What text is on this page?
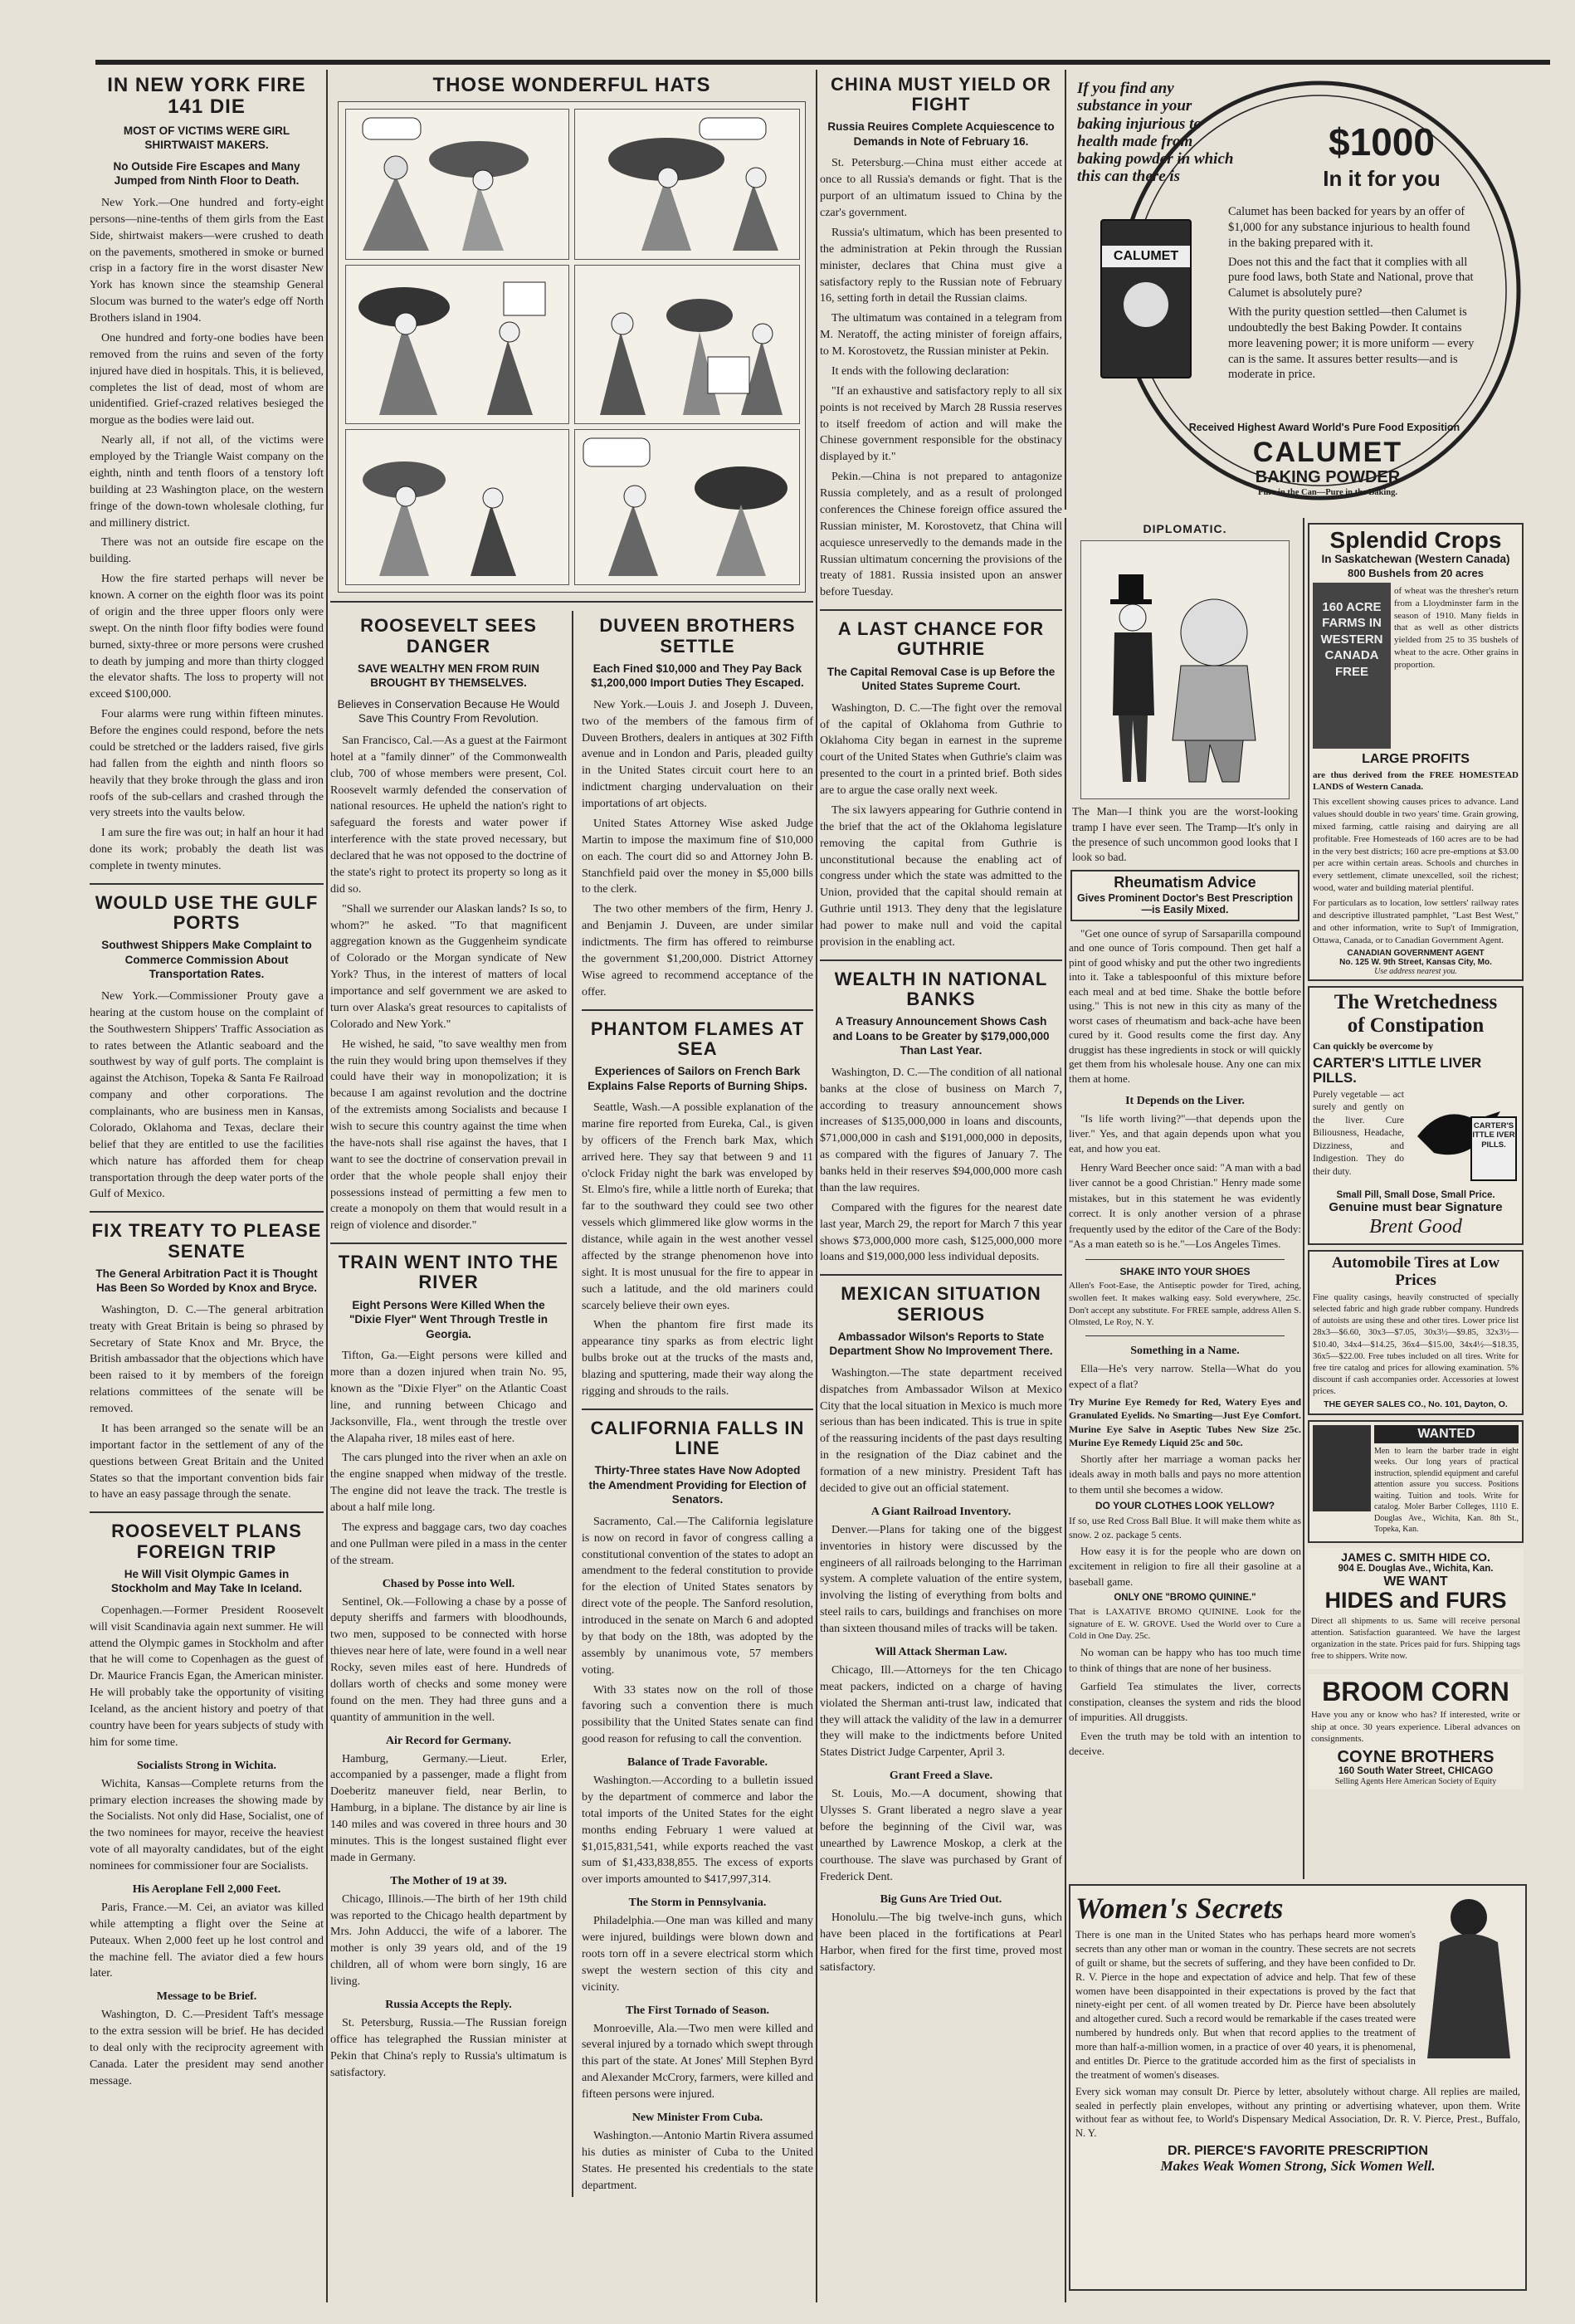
IN NEW YORK FIRE 141 DIE
MOST OF VICTIMS WERE GIRL SHIRTWAIST MAKERS.
No Outside Fire Escapes and Many Jumped from Ninth Floor to Death.

New York.—One hundred and forty-eight persons—nine-tenths of them girls from the East Side, shirtwaist makers—were crushed to death on the pavements, smothered in smoke or burned crisp in a factory fire in the worst disaster New York has known since the steamship General Slocum was burned to the water's edge off North Brothers island in 1904.

One hundred and forty-one bodies have been removed from the ruins and seven of the forty injured have died in hospitals. This, it is believed, completes the list of dead, most of whom are unidentified. Grief-crazed relatives besieged the morgue as the bodies were laid out.

Nearly all, if not all, of the victims were employed by the Triangle Waist company on the eighth, ninth and tenth floors of a tenstory loft building at 23 Washington place, on the western fringe of the down-town wholesale clothing, fur and millinery district.

There was not an outside fire escape on the building.

How the fire started perhaps will never be known. A corner on the eighth floor was its point of origin and the three upper floors only were swept. On the ninth floor fifty bodies were found burned, sixty-three or more persons were crushed to death by jumping and more than thirty clogged the elevator shafts. The loss to property will not exceed $100,000.

Four alarms were rung within fifteen minutes. Before the engines could respond, before the nets could be stretched or the ladders raised, five girls had fallen from the eighth and ninth floors so heavily that they broke through the glass and iron roofs of the sub-cellars and crashed through the very streets into the vaults below.

I am sure the fire was out; in half an hour it had done its work; probably the death list was complete in twenty minutes.

WOULD USE THE GULF PORTS
Southwest Shippers Make Complaint to Commerce Commission About Transportation Rates.

New York.—Commissioner Prouty gave a hearing at the custom house on the complaint of the Southwestern Shippers' Traffic Association as to rates between the Atlantic seaboard and the southwest by way of gulf ports. The complaint is against the Atchison, Topeka & Santa Fe Railroad company and other corporations. The complainants, who are business men in Kansas, Colorado, Oklahoma and Texas, declare their belief that they are entitled to use the facilities which nature has afforded them for cheap transportation through the deep water ports of the Gulf of Mexico.

FIX TREATY TO PLEASE SENATE
The General Arbitration Pact it is Thought Has Been So Worded by Knox and Bryce.

Washington, D. C.—The general arbitration treaty with Great Britain is being so phrased by Secretary of State Knox and Mr. Bryce, the British ambassador that the objections which have been raised to it by members of the foreign relations committees of the senate will be removed.

It has been arranged so the senate will be an important factor in the settlement of any of the questions between Great Britain and the United States so that the important convention bids fair to have an easy passage through the senate.

ROOSEVELT PLANS FOREIGN TRIP
He Will Visit Olympic Games in Stockholm and May Take In Iceland.

Copenhagen.—Former President Roosevelt will visit Scandinavia again next summer. He will attend the Olympic games in Stockholm and after that he will come to Copenhagen as the guest of Dr. Maurice Francis Egan, the American minister. He will probably take the opportunity of visiting Iceland, as the ancient history and poetry of that country have been for years subjects of study with him for some time.

Socialists Strong in Wichita.

Wichita, Kansas—Complete returns from the primary election increases the showing made by the Socialists. Not only did Hase, Socialist, one of the two nominees for mayor, receive the heaviest vote of all mayoralty candidates, but of the eight nominees for commissioner four are Socialists.

His Aeroplane Fell 2,000 Feet.

Paris, France.—M. Cei, an aviator was killed while attempting a flight over the Seine at Puteaux. When 2,000 feet up he lost control and the machine fell. The aviator died a few hours later.

Message to be Brief.

Washington, D. C.—President Taft's message to the extra session will be brief. He has decided to deal only with the reciprocity agreement with Canada. Later the president may send another message.

THOSE WONDERFUL HATS
ROOSEVELT SEES DANGER
SAVE WEALTHY MEN FROM RUIN BROUGHT BY THEMSELVES.
Believes in Conservation Because He Would Save This Country From Revolution.

San Francisco, Cal.—As a guest at the Fairmont hotel at a "family dinner" of the Commonwealth club, 700 of whose members were present, Col. Roosevelt warmly defended the conservation of national resources. He upheld the nation's right to safeguard the forests and water power if interference with the state proved necessary, but declared that he was not opposed to the doctrine of the state's right to protect its property so long as it did so.

"Shall we surrender our Alaskan lands? Is so, to whom?" he asked. "To that magnificent aggregation known as the Guggenheim syndicate of Colorado or the Morgan syndicate of New York? Thus, in the interest of matters of local importance and self government we are asked to turn over Alaska's great resources to capitalists of Colorado and New York."

He wished, he said, "to save wealthy men from the ruin they would bring upon themselves if they could have their way in monopolization; it is because I am against revolution and the doctrine of the extremists among Socialists and because I wish to secure this country against the time when the have-nots shall rise against the haves, that I want to see the doctrine of conservation prevail in order that the whole people shall enjoy their possessions instead of permitting a few men to create a monopoly on them that would result in a reign of violence and disorder."

TRAIN WENT INTO THE RIVER
Eight Persons Were Killed When the "Dixie Flyer" Went Through Trestle in Georgia.

Tifton, Ga.—Eight persons were killed and more than a dozen injured when train No. 95, known as the "Dixie Flyer" on the Atlantic Coast line, and running between Chicago and Jacksonville, Fla., went through the trestle over the Alapaha river, 18 miles east of here.

The cars plunged into the river when an axle on the engine snapped when midway of the trestle. The engine did not leave the track. The trestle is about a half mile long.

The express and baggage cars, two day coaches and one Pullman were piled in a mass in the center of the stream.

Chased by Posse into Well.

Sentinel, Ok.—Following a chase by a posse of deputy sheriffs and farmers with bloodhounds, two men, supposed to be connected with horse thieves near here of late, were found in a well near Rocky, seven miles east of here. Hundreds of dollars worth of checks and some money were found on the men. They had three guns and a quantity of ammunition in the well.

Air Record for Germany.

Hamburg, Germany.—Lieut. Erler, accompanied by a passenger, made a flight from Doeberitz maneuver field, near Berlin, to Hamburg, in a biplane. The distance by air line is 140 miles and was covered in three hours and 30 minutes. This is the longest sustained flight ever made in Germany.

The Mother of 19 at 39.

Chicago, Illinois.—The birth of her 19th child was reported to the Chicago health department by Mrs. John Adducci, the wife of a laborer. The mother is only 39 years old, and of the 19 children, all of whom were born singly, 16 are living.

Russia Accepts the Reply.

St. Petersburg, Russia.—The Russian foreign office has telegraphed the Russian minister at Pekin that China's reply to Russia's ultimatum is satisfactory.

DUVEEN BROTHERS SETTLE
Each Fined $10,000 and They Pay Back $1,200,000 Import Duties They Escaped.

New York.—Louis J. and Joseph J. Duveen, two of the members of the famous firm of Duveen Brothers, dealers in antiques at 302 Fifth avenue and in London and Paris, pleaded guilty in the United States circuit court here to an indictment charging undervaluation on their importations of art objects.

United States Attorney Wise asked Judge Martin to impose the maximum fine of $10,000 on each. The court did so and Attorney John B. Stanchfield paid over the money in $5,000 bills to the clerk.

The two other members of the firm, Henry J. and Benjamin J. Duveen, are under similar indictments. The firm has offered to reimburse the government $1,200,000. District Attorney Wise agreed to recommend acceptance of the offer.

PHANTOM FLAMES AT SEA
Experiences of Sailors on French Bark Explains False Reports of Burning Ships.

Seattle, Wash.—A possible explanation of the marine fire reported from Eureka, Cal., is given by officers of the French bark Max, which arrived here. They say that between 9 and 11 o'clock Friday night the bark was enveloped by St. Elmo's fire, while a little north of Eureka; that far to the southward they could see two other vessels which glimmered like glow worms in the distance, while again in the west another vessel affected by the strange phenomenon hove into sight. It is most unusual for the fire to appear in such a latitude, and the old mariners could scarcely believe their own eyes.

When the phantom fire first made its appearance tiny sparks as from electric light bulbs broke out at the trucks of the masts and, blazing and sputtering, made their way along the rigging and shrouds to the rails.

CALIFORNIA FALLS IN LINE
Thirty-Three states Have Now Adopted the Amendment Providing for Election of Senators.

Sacramento, Cal.—The California legislature is now on record in favor of congress calling a constitutional convention of the states to adopt an amendment to the federal constitution to provide for the election of United States senators by direct vote of the people. The Sanford resolution, introduced in the senate on March 6 and adopted by that body on the 18th, was adopted by the assembly by unanimous vote, 57 members voting.

With 33 states now on the roll of those favoring such a convention there is much possibility that the United States senate can find good reason for refusing to call the convention.

Balance of Trade Favorable.

Washington.—According to a bulletin issued by the department of commerce and labor the total imports of the United States for the eight months ending February 1 were valued at $1,015,831,541, while exports reached the vast sum of $1,433,838,855. The excess of exports over imports amounted to $417,997,314.

The Storm in Pennsylvania.

Philadelphia.—One man was killed and many were injured, buildings were blown down and roots torn off in a severe electrical storm which swept the western section of this city and vicinity.

The First Tornado of Season.

Monroeville, Ala.—Two men were killed and several injured by a tornado which swept through this part of the state. At Jones' Mill Stephen Byrd and Alexander McCrory, farmers, were killed and fifteen persons were injured.

New Minister From Cuba.

Washington.—Antonio Martin Rivera assumed his duties as minister of Cuba to the United States. He presented his credentials to the state department.

CHINA MUST YIELD OR FIGHT
Russia Reuires Complete Acquiescence to Demands in Note of February 16.

St. Petersburg.—China must either accede at once to all Russia's demands or fight. That is the purport of an ultimatum issued to China by the czar's government.

Russia's ultimatum, which has been presented to the administration at Pekin through the Russian minister, declares that China must give a satisfactory reply to the Russian note of February 16, setting forth in detail the Russian claims.

The ultimatum was contained in a telegram from M. Neratoff, the acting minister of foreign affairs, to M. Korostovetz, the Russian minister at Pekin.

It ends with the following declaration:

"If an exhaustive and satisfactory reply to all six points is not received by March 28 Russia reserves to itself freedom of action and will make the Chinese government responsible for the obstinacy displayed by it."

Pekin.—China is not prepared to antagonize Russia completely, and as a result of prolonged conferences the Chinese foreign office assured the Russian minister, M. Korostovetz, that China will acquiesce unreservedly to the demands made in the Russian ultimatum concerning the provisions of the treaty of 1881. Russia insisted upon an answer before Tuesday.

A LAST CHANCE FOR GUTHRIE
The Capital Removal Case is up Before the United States Supreme Court.

Washington, D. C.—The fight over the removal of the capital of Oklahoma from Guthrie to Oklahoma City began in earnest in the supreme court of the United States when Guthrie's claim was presented to the court in a printed brief. Both sides are to argue the case orally next week.

The six lawyers appearing for Guthrie contend in the brief that the act of the Oklahoma legislature removing the capital from Guthrie is unconstitutional because the enabling act of congress under which the state was admitted to the Union, provided that the capital should remain at Guthrie until 1913. They deny that the legislature had power to make null and void the capital provision in the enabling act.

WEALTH IN NATIONAL BANKS
A Treasury Announcement Shows Cash and Loans to be Greater by $179,000,000 Than Last Year.

Washington, D. C.—The condition of all national banks at the close of business on March 7, according to treasury announcement shows increases of $135,000,000 in loans and discounts, $71,000,000 in cash and $191,000,000 in deposits, as compared with the figures of January 7. The banks held in their reserves $94,000,000 more cash than the law requires.

Compared with the figures for the nearest date last year, March 29, the report for March 7 this year shows $73,000,000 more cash, $125,000,000 more loans and $19,000,000 less individual deposits.

MEXICAN SITUATION SERIOUS
Ambassador Wilson's Reports to State Department Show No Improvement There.

Washington.—The state department received dispatches from Ambassador Wilson at Mexico City that the local situation in Mexico is much more serious than has been indicated. This is true in spite of the reassuring incidents of the past days resulting in the resignation of the Diaz cabinet and the formation of a new ministry. President Taft has decided to give out an official statement.

A Giant Railroad Inventory.

Denver.—Plans for taking one of the biggest inventories in history were discussed by the engineers of all railroads belonging to the Harriman system. A complete valuation of the entire system, involving the listing of everything from bolts and steel rails to cars, buildings and franchises on more than sixteen thousand miles of tracks will be taken.

Will Attack Sherman Law.

Chicago, Ill.—Attorneys for the ten Chicago meat packers, indicted on a charge of having violated the Sherman anti-trust law, indicated that they will attack the validity of the law in a demurrer they will make to the indictments before United States District Judge Carpenter, April 3.

Grant Freed a Slave.

St. Louis, Mo.—A document, showing that Ulysses S. Grant liberated a negro slave a year before the beginning of the Civil war, was unearthed by Lawrence Moskop, a clerk at the courthouse. The slave was purchased by Grant of Frederick Dent.

Big Guns Are Tried Out.

Honolulu.—The big twelve-inch guns, which have been placed in the fortifications at Pearl Harbor, when fired for the first time, proved most satisfactory.

If you find any substance in your baking injurious to health made from baking powder in which this can there is
CALUMET
$1000
In it for you
Calumet has been backed for years by an offer of $1,000 for any substance injurious to health found in the baking prepared with it.
Does not this and the fact that it complies with all pure food laws, both State and National, prove that Calumet is absolutely pure?
With the purity question settled—then Calumet is undoubtedly the best Baking Powder. It contains more leavening power; it is more uniform — every can is the same. It assures better results—and is moderate in price.
Received Highest Award World's Pure Food Exposition
CALUMET
BAKING POWDER
Pure in the Can—Pure in the Baking.
DIPLOMATIC.
The Man—I think you are the worst-looking tramp I have ever seen. The Tramp—It's only in the presence of such uncommon good looks that I look so bad.
Rheumatism Advice
Gives Prominent Doctor's Best Prescription—is Easily Mixed.

"Get one ounce of syrup of Sarsaparilla compound and one ounce of Toris compound. Then get half a pint of good whisky and put the other two ingredients into it. Take a tablespoonful of this mixture before each meal and at bed time. Shake the bottle before using." This is not new in this city as many of the worst cases of rheumatism and back-ache have been cured by it. Good results come the first day. Any druggist has these ingredients in stock or will quickly get them from his wholesale house. Any one can mix them at home.

It Depends on the Liver.

"Is life worth living?"—that depends upon the liver." Yes, and that again depends upon what you eat, and how you eat.

Henry Ward Beecher once said: "A man with a bad liver cannot be a good Christian." Henry made some mistakes, but in this statement he was evidently correct. It is only another version of a phrase frequently used by the editor of the Care of the Body: "As a man eateth so is he."—Los Angeles Times.

SHAKE INTO YOUR SHOES
Allen's Foot-Ease, the Antiseptic powder for Tired, aching, swollen feet. It makes walking easy. Sold everywhere, 25c. Don't accept any substitute. For FREE sample, address Allen S. Olmsted, Le Roy, N. Y.
Something in a Name.

Ella—He's very narrow. Stella—What do you expect of a flat?

Try Murine Eye Remedy for Red, Watery Eyes and Granulated Eyelids. No Smarting—Just Eye Comfort. Murine Eye Salve in Aseptic Tubes New Size 25c. Murine Eye Remedy Liquid 25c and 50c.

Shortly after her marriage a woman packs her ideals away in moth balls and pays no more attention to them until she becomes a widow.

DO YOUR CLOTHES LOOK YELLOW?
If so, use Red Cross Ball Blue. It will make them white as snow. 2 oz. package 5 cents.

How easy it is for the people who are down on excitement in religion to fire all their gasoline at a baseball game.

ONLY ONE "BROMO QUININE."
That is LAXATIVE BROMO QUININE. Look for the signature of E. W. GROVE. Used the World over to Cure a Cold in One Day. 25c.

No woman can be happy who has too much time to think of things that are none of her business.

Garfield Tea stimulates the liver, corrects constipation, cleanses the system and rids the blood of impurities. All druggists.

Even the truth may be told with an intention to deceive.

Splendid Crops
In Saskatchewan (Western Canada)
800 Bushels from 20 acres
160 ACRE FARMS IN WESTERN CANADA FREE
of wheat was the thresher's return from a Lloydminster farm in the season of 1910. Many fields in that as well as other districts yielded from 25 to 35 bushels of wheat to the acre. Other grains in proportion.
LARGE PROFITS
are thus derived from the FREE HOMESTEAD LANDS of Western Canada.
This excellent showing causes prices to advance. Land values should double in two years' time. Grain growing, mixed farming, cattle raising and dairying are all profitable. Free Homesteads of 160 acres are to be had in the very best districts; 160 acre pre-emptions at $3.00 per acre within certain areas. Schools and churches in every settlement, climate unexcelled, soil the richest; wood, water and building material plentiful.
For particulars as to location, low settlers' railway rates and descriptive illustrated pamphlet, "Last Best West," and other information, write to Sup't of Immigration, Ottawa, Canada, or to Canadian Government Agent.
CANADIAN GOVERNMENT AGENT
No. 125 W. 9th Street, Kansas City, Mo.
Use address nearest you.
The Wretchedness
of Constipation
Can quickly be overcome by
CARTER'S LITTLE LIVER PILLS.
Purely vegetable — act surely and gently on the liver. Cure Biliousness, Headache, Dizziness, and Indigestion. They do their duty.
CARTER'S ITTLE IVER PILLS.
Small Pill, Small Dose, Small Price.
Genuine must bear Signature
Brent Good
Automobile Tires at Low Prices
Fine quality casings, heavily constructed of specially selected fabric and high grade rubber company. Hundreds of autoists are using these and other tires. Lower price list 28x3—$6.60, 30x3—$7.05, 30x3½—$9.85, 32x3½—$10.40, 34x4—$14.25, 36x4—$15.00, 34x4½—$18.35, 36x5—$22.00. Free tubes included on all tires. Write for free tire catalog and prices for allowing examination. 5% discount if cash accompanies order. Accessories at lowest prices.
THE GEYER SALES CO., No. 101, Dayton, O.
WANTED
Men to learn the barber trade in eight weeks. Our long years of practical instruction, splendid equipment and careful attention assure you success. Positions waiting. Tuition and tools. Write for catalog. Moler Barber Colleges, 1110 E. Douglas Ave., Wichita, Kan. 8th St., Topeka, Kan.
JAMES C. SMITH HIDE CO.
904 E. Douglas Ave., Wichita, Kan.
WE WANT
HIDES and FURS
Direct all shipments to us. Same will receive personal attention. Satisfaction guaranteed. We have the largest organization in the state. Prices paid for furs. Shipping tags free to shippers. Write now.
BROOM CORN
Have you any or know who has? If interested, write or ship at once. 30 years experience. Liberal advances on consignments.
COYNE BROTHERS
160 South Water Street, CHICAGO
Selling Agents Here American Society of Equity
Women's Secrets
There is one man in the United States who has perhaps heard more women's secrets than any other man or woman in the country. These secrets are not secrets of guilt or shame, but the secrets of suffering, and they have been confided to Dr. R. V. Pierce in the hope and expectation of advice and help. That few of these women have been disappointed in their expectations is proved by the fact that ninety-eight per cent. of all women treated by Dr. Pierce have been absolutely and altogether cured. Such a record would be remarkable if the cases treated were numbered by hundreds only. But when that record applies to the treatment of more than half-a-million women, in a practice of over 40 years, it is phenomenal, and entitles Dr. Pierce to the gratitude accorded him as the first of specialists in the treatment of women's diseases.
Every sick woman may consult Dr. Pierce by letter, absolutely without charge. All replies are mailed, sealed in perfectly plain envelopes, without any printing or advertising whatever, upon them. Write without fear as without fee, to World's Dispensary Medical Association, Dr. R. V. Pierce, Prest., Buffalo, N. Y.
DR. PIERCE'S FAVORITE PRESCRIPTION
Makes Weak Women Strong, Sick Women Well.
